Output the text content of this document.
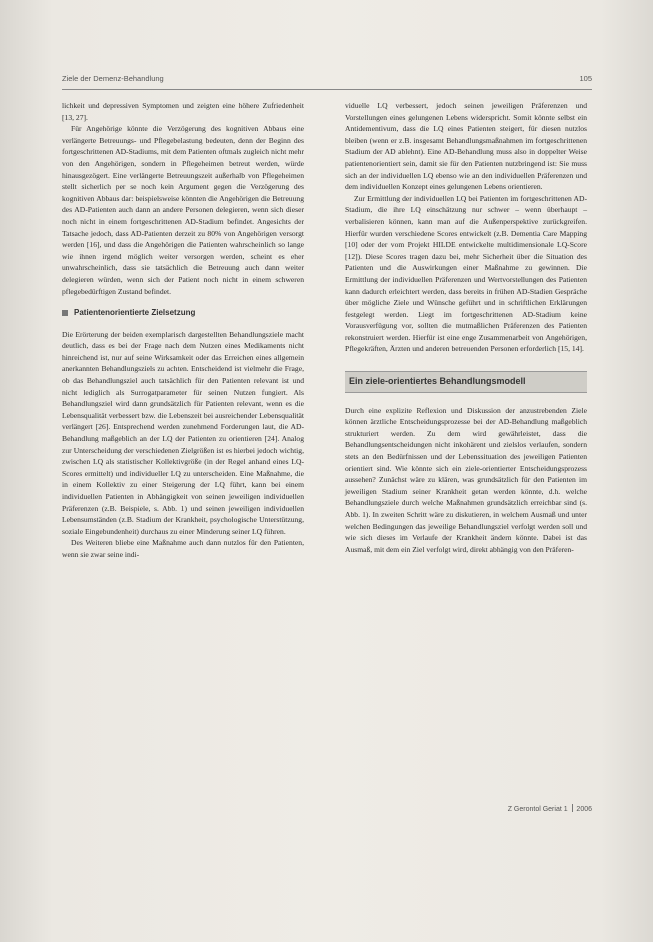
Ziele der Demenz-Behandlung	105

lichkeit und depressiven Symptomen und zeigten eine höhere Zufriedenheit [13, 27].

Für Angehörige könnte die Verzögerung des kognitiven Abbaus eine verlängerte Betreuungs- und Pflegebelastung bedeuten, denn der Beginn des fortgeschrittenen AD-Stadiums, mit dem Patienten oftmals zugleich nicht mehr von den Angehörigen, sondern in Pflegeheimen betreut werden, würde hinausgezögert. Eine verlängerte Betreuungszeit außerhalb von Pflegeheimen stellt sicherlich per se noch kein Argument gegen die Verzögerung des kognitiven Abbaus dar: beispielsweise könnten die Angehörigen die Betreuung des AD-Patienten auch dann an andere Personen delegieren, wenn sich dieser noch nicht in einem fortgeschrittenen AD-Stadium befindet. Angesichts der Tatsache jedoch, dass AD-Patienten derzeit zu 80% von Angehörigen versorgt werden [16], und dass die Angehörigen die Patienten wahrscheinlich so lange wie ihnen irgend möglich weiter versorgen werden, scheint es eher unwahrscheinlich, dass sie tatsächlich die Betreuung auch dann weiter delegieren würden, wenn sich der Patient noch nicht in einem schweren pflegebedürftigen Zustand befindet.

Patientenorientierte Zielsetzung

Die Erörterung der beiden exemplarisch dargestellten Behandlungsziele macht deutlich, dass es bei der Frage nach dem Nutzen eines Medikaments nicht hinreichend ist, nur auf seine Wirksamkeit oder das Erreichen eines allgemein anerkannten Behandlungsziels zu achten. Entscheidend ist vielmehr die Frage, ob das Behandlungsziel auch tatsächlich für den Patienten relevant ist und nicht lediglich als Surrogatparameter für seinen Nutzen fungiert. Als Behandlungsziel wird dann grundsätzlich für Patienten relevant, wenn es die Lebensqualität verbessert bzw. die Lebenszeit bei ausreichender Lebensqualität verlängert [26]. Entsprechend werden zunehmend Forderungen laut, die AD-Behandlung maßgeblich an der LQ der Patienten zu orientieren [24]. Analog zur Unterscheidung der verschiedenen Zielgrößen ist es hierbei jedoch wichtig, zwischen LQ als statistischer Kollektivgröße (in der Regel anhand eines LQ-Scores ermittelt) und individueller LQ zu unterscheiden. Eine Maßnahme, die in einem Kollektiv zu einer Steigerung der LQ führt, kann bei einem individuellen Patienten in Abhängigkeit von seinen jeweiligen individuellen Präferenzen (z.B. Beispiele, s. Abb. 1) und seinen jeweiligen individuellen Lebensumständen (z.B. Stadium der Krankheit, psychologische Unterstützung, soziale Eingebundenheit) durchaus zu einer Minderung seiner LQ führen.

Des Weiteren bliebe eine Maßnahme auch dann nutzlos für den Patienten, wenn sie zwar seine indi-

viduelle LQ verbessert, jedoch seinen jeweiligen Präferenzen und Vorstellungen eines gelungenen Lebens widerspricht. Somit könnte selbst ein Antidementivum, dass die LQ eines Patienten steigert, für diesen nutzlos bleiben (wenn er z.B. insgesamt Behandlungsmaßnahmen im fortgeschrittenen Stadium der AD ablehnt). Eine AD-Behandlung muss also in doppelter Weise patientenorientiert sein, damit sie für den Patienten nutzbringend ist: Sie muss sich an der individuellen LQ ebenso wie an den individuellen Präferenzen und dem individuellen Konzept eines gelungenen Lebens orientieren.

Zur Ermittlung der individuellen LQ bei Patienten im fortgeschrittenen AD-Stadium, die ihre LQ einschätzung nur schwer – wenn überhaupt – verbalisieren können, kann man auf die Außenperspektive zurückgreifen. Hierfür wurden verschiedene Scores entwickelt (z.B. Dementia Care Mapping [10] oder der vom Projekt HILDE entwickelte multidimensionale LQ-Score [12]). Diese Scores tragen dazu bei, mehr Sicherheit über die Situation des Patienten und die Auswirkungen einer Maßnahme zu gewinnen. Die Ermittlung der individuellen Präferenzen und Wertvorstellungen des Patienten kann dadurch erleichtert werden, dass bereits in frühen AD-Stadien Gespräche über mögliche Ziele und Wünsche geführt und in schriftlichen Erklärungen festgelegt werden. Liegt im fortgeschrittenen AD-Stadium keine Vorausverfügung vor, sollten die mutmaßlichen Präferenzen des Patienten rekonstruiert werden. Hierfür ist eine enge Zusammenarbeit von Angehörigen, Pflegekräften, Ärzten und anderen betreuenden Personen erforderlich [15, 14].

Ein ziele-orientiertes Behandlungsmodell

Durch eine explizite Reflexion und Diskussion der anzustrebenden Ziele können ärztliche Entscheidungsprozesse bei der AD-Behandlung maßgeblich strukturiert werden. Zu dem wird gewährleistet, dass die Behandlungsentscheidungen nicht inkohärent und zielslos verlaufen, sondern stets an den Bedürfnissen und der Lebenssituation des jeweiligen Patienten orientiert sind. Wie könnte sich ein ziele-orientierter Entscheidungsprozess aussehen? Zunächst wäre zu klären, was grundsätzlich für den Patienten im jeweiligen Stadium seiner Krankheit getan werden könnte, d.h. welche Behandlungsziele durch welche Maßnahmen grundsätzlich erreichbar sind (s. Abb. 1). In zweiten Schritt wäre zu diskutieren, in welchem Ausmaß und unter welchen Bedingungen das jeweilige Behandlungsziel verfolgt werden soll und wie sich dieses im Verlaufe der Krankheit ändern könnte. Dabei ist das Ausmaß, mit dem ein Ziel verfolgt wird, direkt abhängig von den Präferen-

Z Gerontol Geriat 1 2006
